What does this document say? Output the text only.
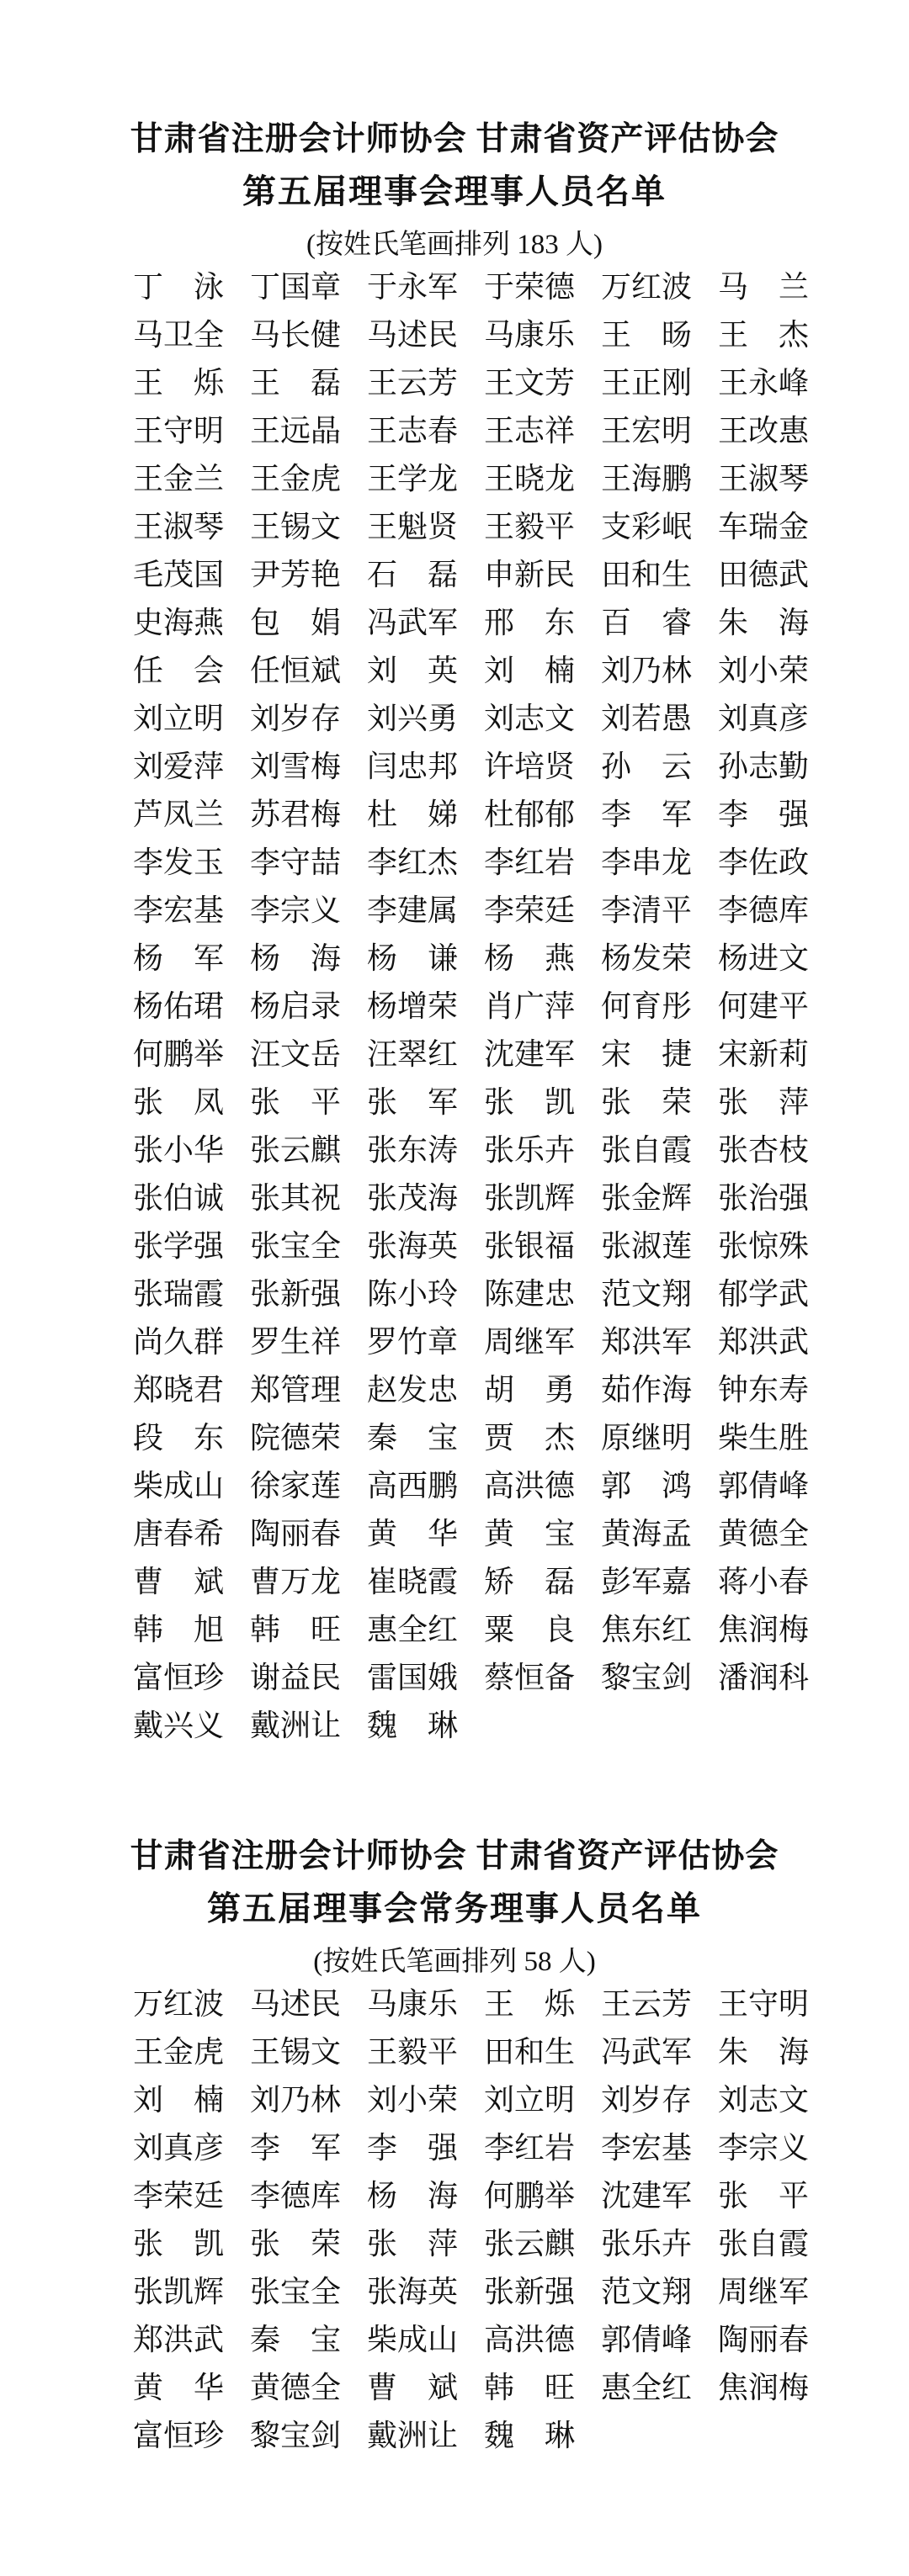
甘肃省注册会计师协会 甘肃省资产评估协会

第五届理事会理事人员名单

(按姓氏笔画排列 183 人)

丁　泳 丁国章 于永军 于荣德 万红波 马　兰
马卫全 马长健 马述民 马康乐 王　旸 王　杰
王　烁 王　磊 王云芳 王文芳 王正刚 王永峰
王守明 王远晶 王志春 王志祥 王宏明 王改惠
王金兰 王金虎 王学龙 王晓龙 王海鹏 王淑琴
王淑琴 王锡文 王魁贤 王毅平 支彩岷 车瑞金
毛茂国 尹芳艳 石　磊 申新民 田和生 田德武
史海燕 包　娟 冯武军 邢　东 百　睿 朱　海
任　会 任恒斌 刘　英 刘　楠 刘乃林 刘小荣
刘立明 刘岁存 刘兴勇 刘志文 刘若愚 刘真彦
刘爱萍 刘雪梅 闫忠邦 许培贤 孙　云 孙志勤
芦凤兰 苏君梅 杜　娣 杜郁郁 李　军 李　强
李发玉 李守喆 李红杰 李红岩 李串龙 李佐政
李宏基 李宗义 李建属 李荣廷 李清平 李德库
杨　军 杨　海 杨　谦 杨　燕 杨发荣 杨进文
杨佑珺 杨启录 杨增荣 肖广萍 何育彤 何建平
何鹏举 汪文岳 汪翠红 沈建军 宋　捷 宋新莉
张　凤 张　平 张　军 张　凯 张　荣 张　萍
张小华 张云麒 张东涛 张乐卉 张自霞 张杏枝
张伯诚 张其祝 张茂海 张凯辉 张金辉 张治强
张学强 张宝全 张海英 张银福 张淑莲 张惊殊
张瑞霞 张新强 陈小玲 陈建忠 范文翔 郁学武
尚久群 罗生祥 罗竹章 周继军 郑洪军 郑洪武
郑晓君 郑管理 赵发忠 胡　勇 茹作海 钟东寿
段　东 院德荣 秦　宝 贾　杰 原继明 柴生胜
柴成山 徐家莲 高西鹏 高洪德 郭　鸿 郭倩峰
唐春希 陶丽春 黄　华 黄　宝 黄海孟 黄德全
曹　斌 曹万龙 崔晓霞 矫　磊 彭军嘉 蒋小春
韩　旭 韩　旺 惠全红 粟　良 焦东红 焦润梅
富恒珍 谢益民 雷国娥 蔡恒备 黎宝剑 潘润科
戴兴义 戴洲让 魏　琳

甘肃省注册会计师协会 甘肃省资产评估协会

第五届理事会常务理事人员名单

(按姓氏笔画排列 58 人)

万红波 马述民 马康乐 王　烁 王云芳 王守明
王金虎 王锡文 王毅平 田和生 冯武军 朱　海
刘　楠 刘乃林 刘小荣 刘立明 刘岁存 刘志文
刘真彦 李　军 李　强 李红岩 李宏基 李宗义
李荣廷 李德库 杨　海 何鹏举 沈建军 张　平
张　凯 张　荣 张　萍 张云麒 张乐卉 张自霞
张凯辉 张宝全 张海英 张新强 范文翔 周继军
郑洪武 秦　宝 柴成山 高洪德 郭倩峰 陶丽春
黄　华 黄德全 曹　斌 韩　旺 惠全红 焦润梅
富恒珍 黎宝剑 戴洲让 魏　琳
